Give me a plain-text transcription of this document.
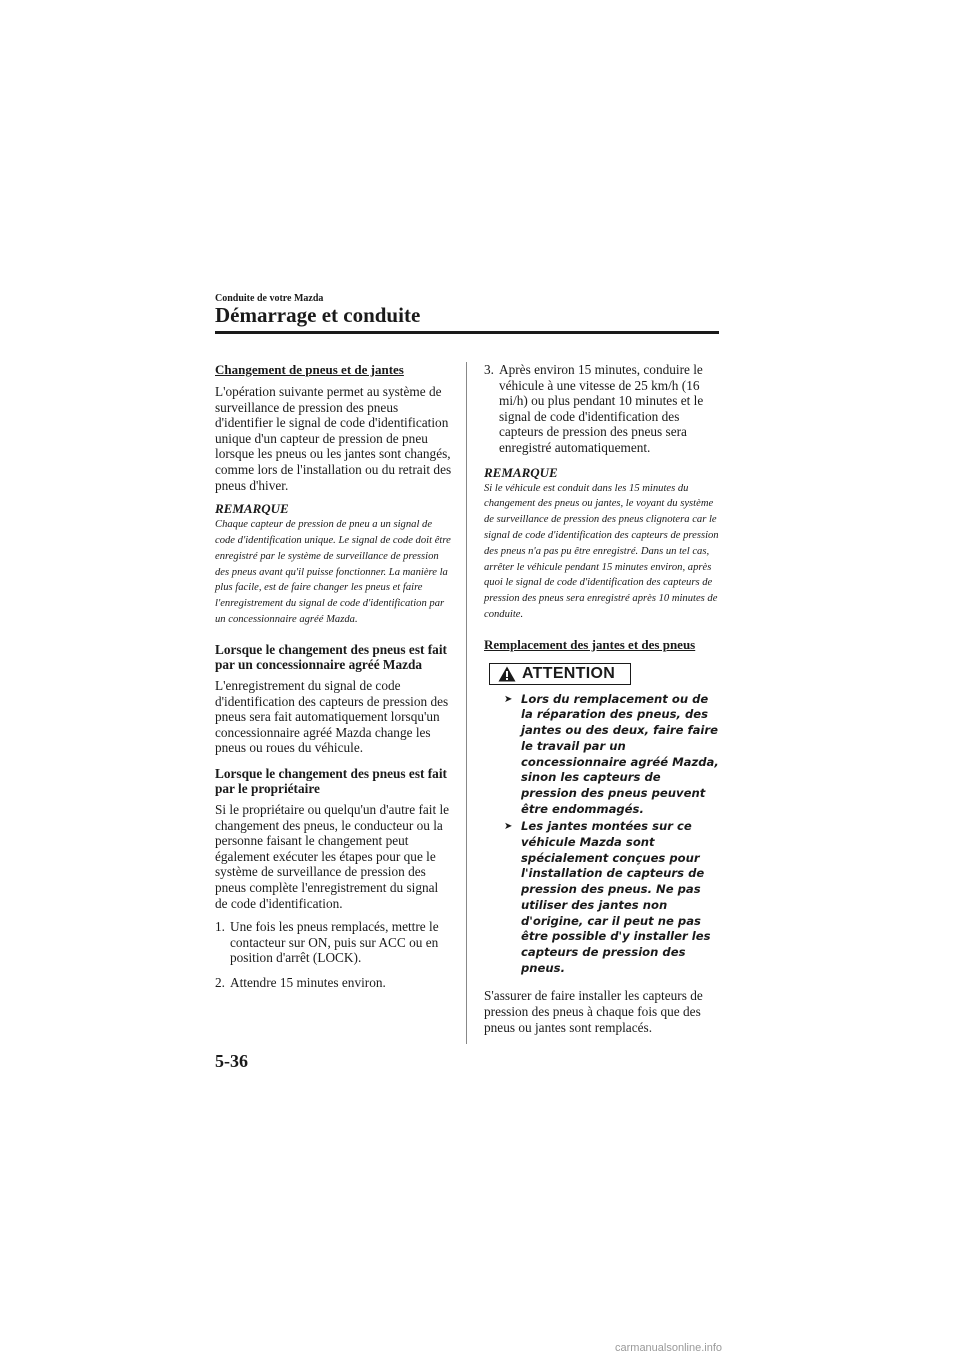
Conduite de votre Mazda
Démarrage et conduite

Changement de pneus et de jantes

L'opération suivante permet au système de surveillance de pression des pneus d'identifier le signal de code d'identification unique d'un capteur de pression de pneu lorsque les pneus ou les jantes sont changés, comme lors de l'installation ou du retrait des pneus d'hiver.

REMARQUE

Chaque capteur de pression de pneu a un signal de code d'identification unique. Le signal de code doit être enregistré par le système de surveillance de pression des pneus avant qu'il puisse fonctionner. La manière la plus facile, est de faire changer les pneus et faire l'enregistrement du signal de code d'identification par un concessionnaire agréé Mazda.

Lorsque le changement des pneus est fait par un concessionnaire agréé Mazda

L'enregistrement du signal de code d'identification des capteurs de pression des pneus sera fait automatiquement lorsqu'un concessionnaire agréé Mazda change les pneus ou roues du véhicule.

Lorsque le changement des pneus est fait par le propriétaire

Si le propriétaire ou quelqu'un d'autre fait le changement des pneus, le conducteur ou la personne faisant le changement peut également exécuter les étapes pour que le système de surveillance de pression des pneus complète l'enregistrement du signal de code d'identification.

1. Une fois les pneus remplacés, mettre le contacteur sur ON, puis sur ACC ou en position d'arrêt (LOCK).
2. Attendre 15 minutes environ.
3. Après environ 15 minutes, conduire le véhicule à une vitesse de 25 km/h (16 mi/h) ou plus pendant 10 minutes et le signal de code d'identification des capteurs de pression des pneus sera enregistré automatiquement.

REMARQUE

Si le véhicule est conduit dans les 15 minutes du changement des pneus ou jantes, le voyant du système de surveillance de pression des pneus clignotera car le signal de code d'identification des capteurs de pression des pneus n'a pas pu être enregistré. Dans un tel cas, arrêter le véhicule pendant 15 minutes environ, après quoi le signal de code d'identification des capteurs de pression des pneus sera enregistré après 10 minutes de conduite.

Remplacement des jantes et des pneus

ATTENTION
➤ Lors du remplacement ou de la réparation des pneus, des jantes ou des deux, faire faire le travail par un concessionnaire agréé Mazda, sinon les capteurs de pression des pneus peuvent être endommagés.
➤ Les jantes montées sur ce véhicule Mazda sont spécialement conçues pour l'installation de capteurs de pression des pneus. Ne pas utiliser des jantes non d'origine, car il peut ne pas être possible d'y installer les capteurs de pression des pneus.

S'assurer de faire installer les capteurs de pression des pneus à chaque fois que des pneus ou jantes sont remplacés.

5-36
carmanualsonline.info
